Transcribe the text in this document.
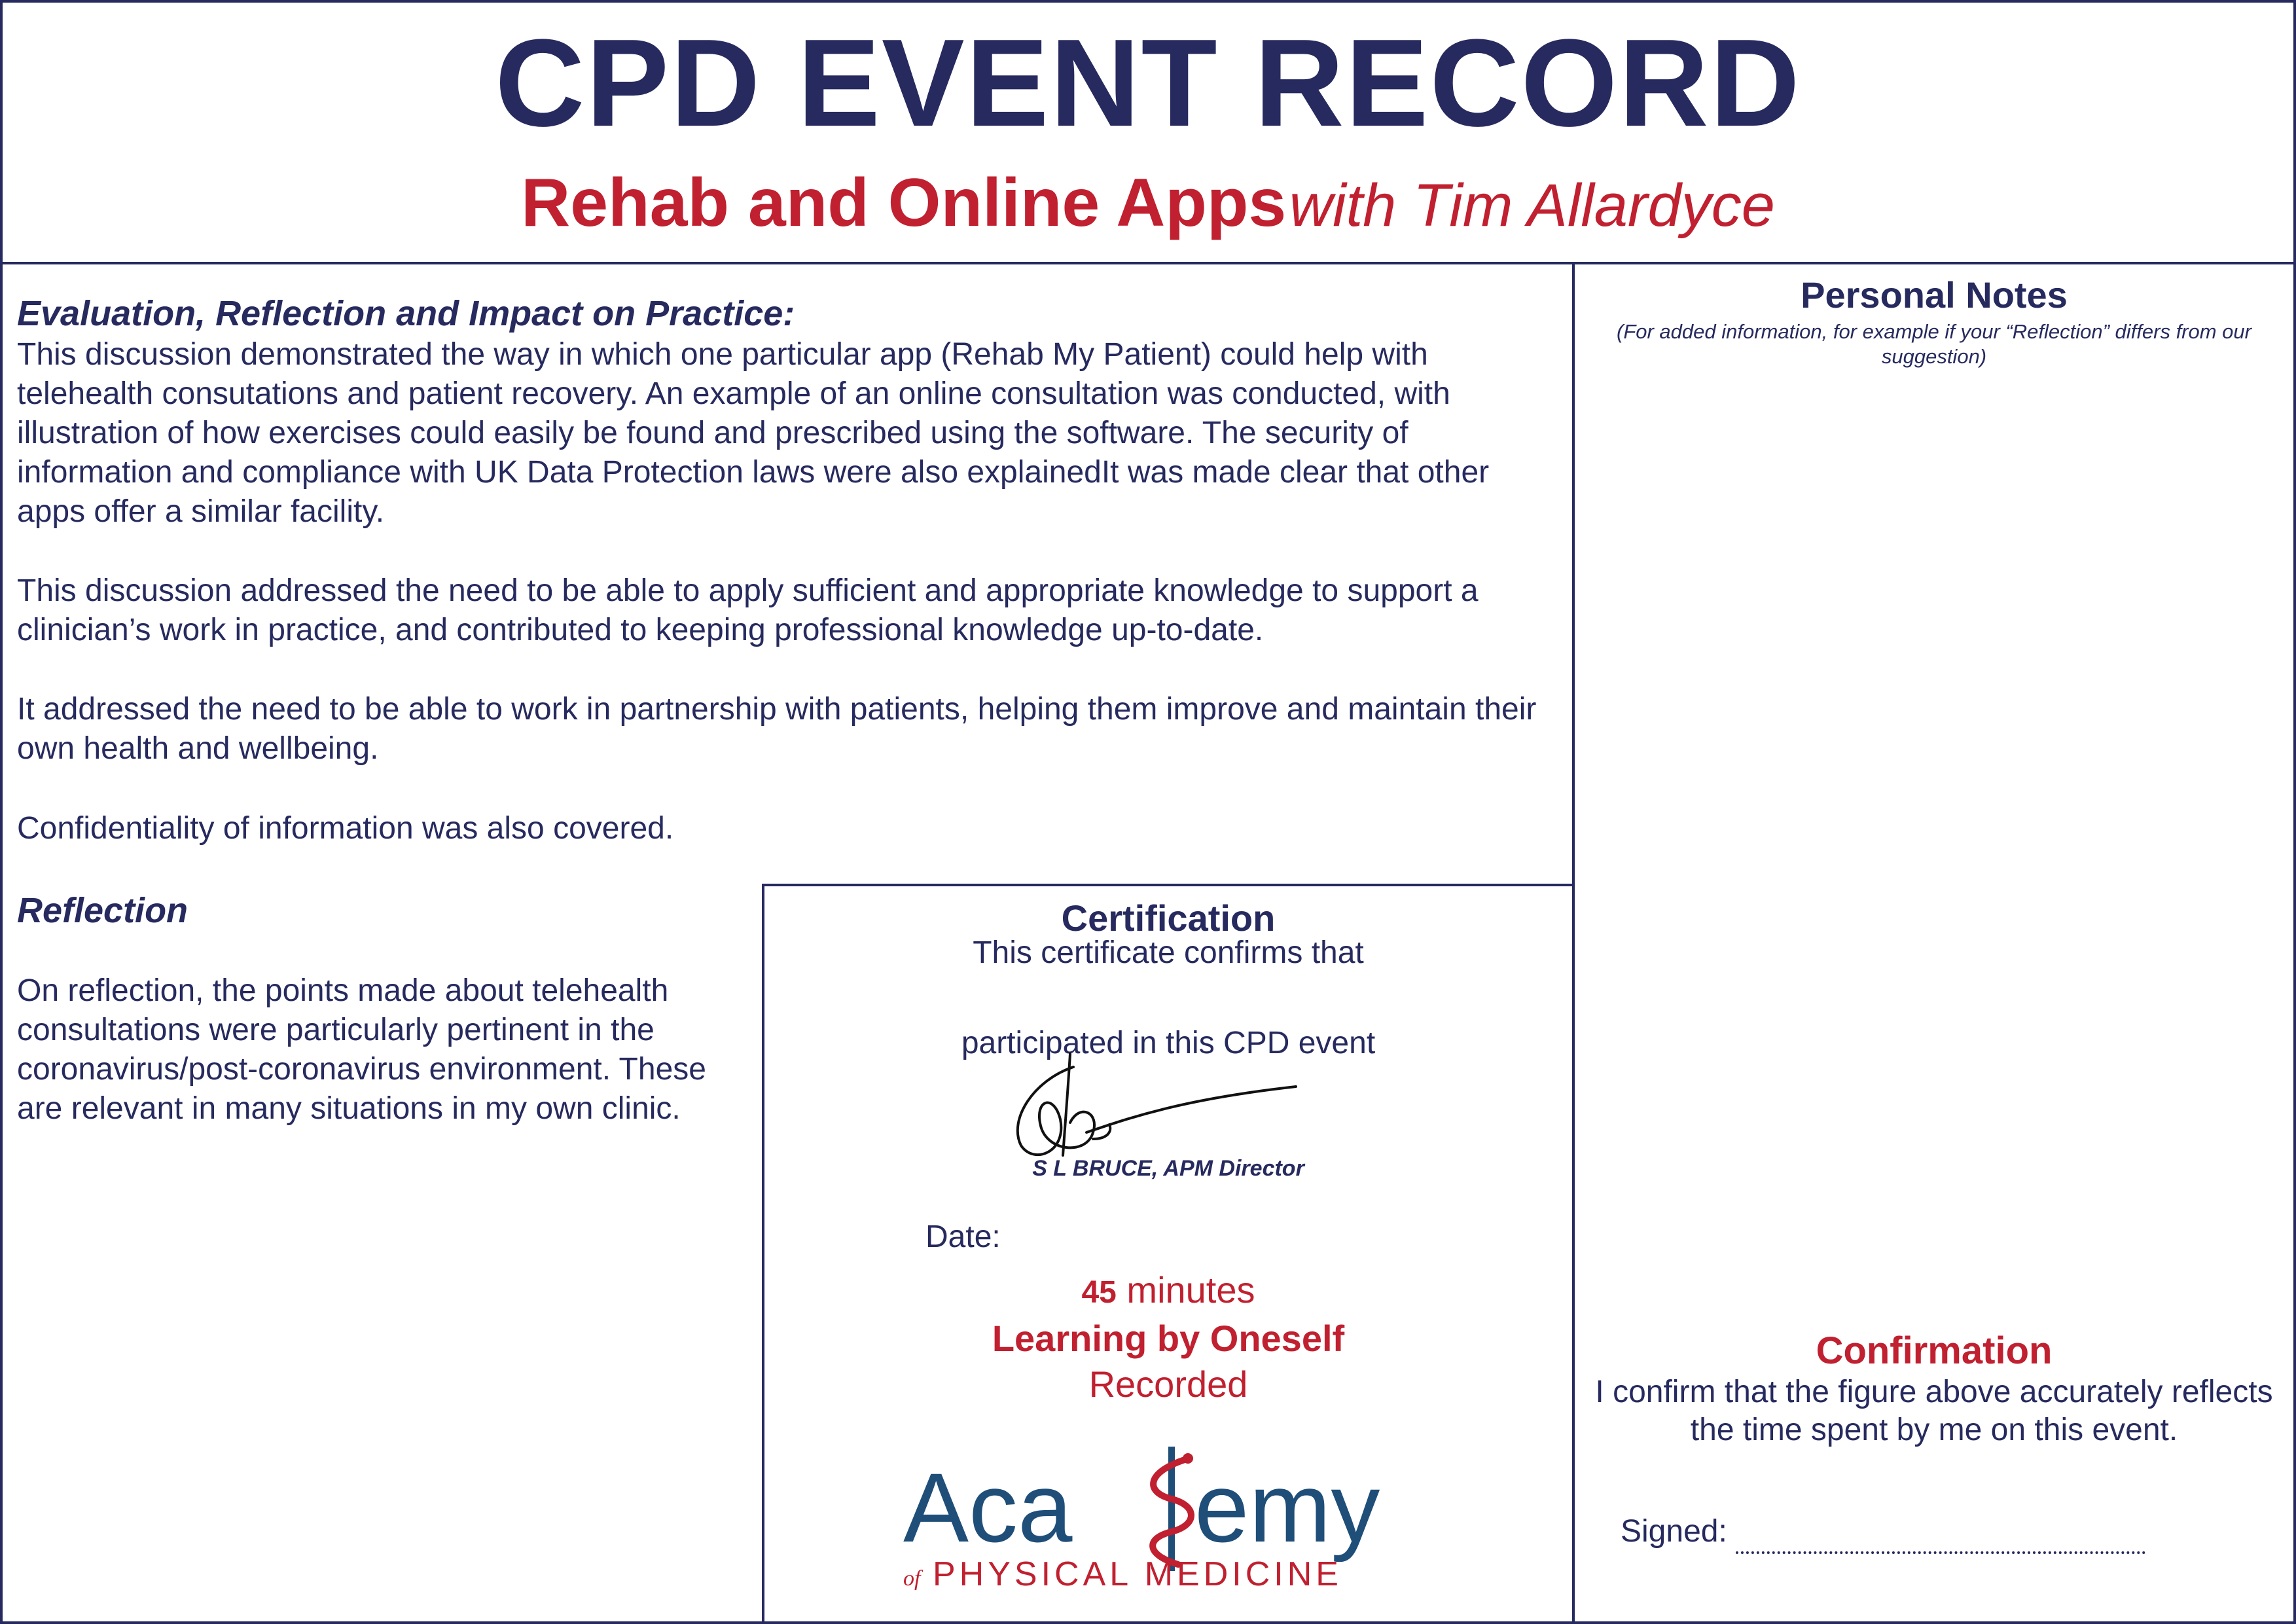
CPD EVENT RECORD
Rehab and Online Apps with Tim Allardyce
Evaluation, Reflection and Impact on Practice:
This discussion demonstrated the way in which one particular app (Rehab My Patient) could help with telehealth consutations and patient recovery. An example of an online consultation was conducted, with illustration of how exercises could easily be found and prescribed using the software. The security of information and compliance with UK Data Protection laws were also explainedIt was made clear that other apps offer a similar facility.
This discussion addressed the need to be able to apply sufficient and appropriate knowledge to support a clinician’s work in practice, and contributed to keeping professional knowledge up-to-date.
It addressed the need to be able to work in partnership with patients, helping them improve and maintain their own health and wellbeing.
Confidentiality of information was also covered.
Reflection
On reflection, the points made about telehealth consultations were particularly pertinent in the coronavirus/post-coronavirus environment. These are relevant in many situations in my own clinic.
Personal Notes
(For added information, for example if your “Reflection” differs from our suggestion)
Certification
This certificate confirms that
participated in this CPD event
S L BRUCE, APM Director
Date:
45 minutes
Learning by Oneself
Recorded
Aca emy
of PHYSICAL MEDICINE
Confirmation
I confirm that the figure above accurately reflects the time spent by me on this event.
Signed:
